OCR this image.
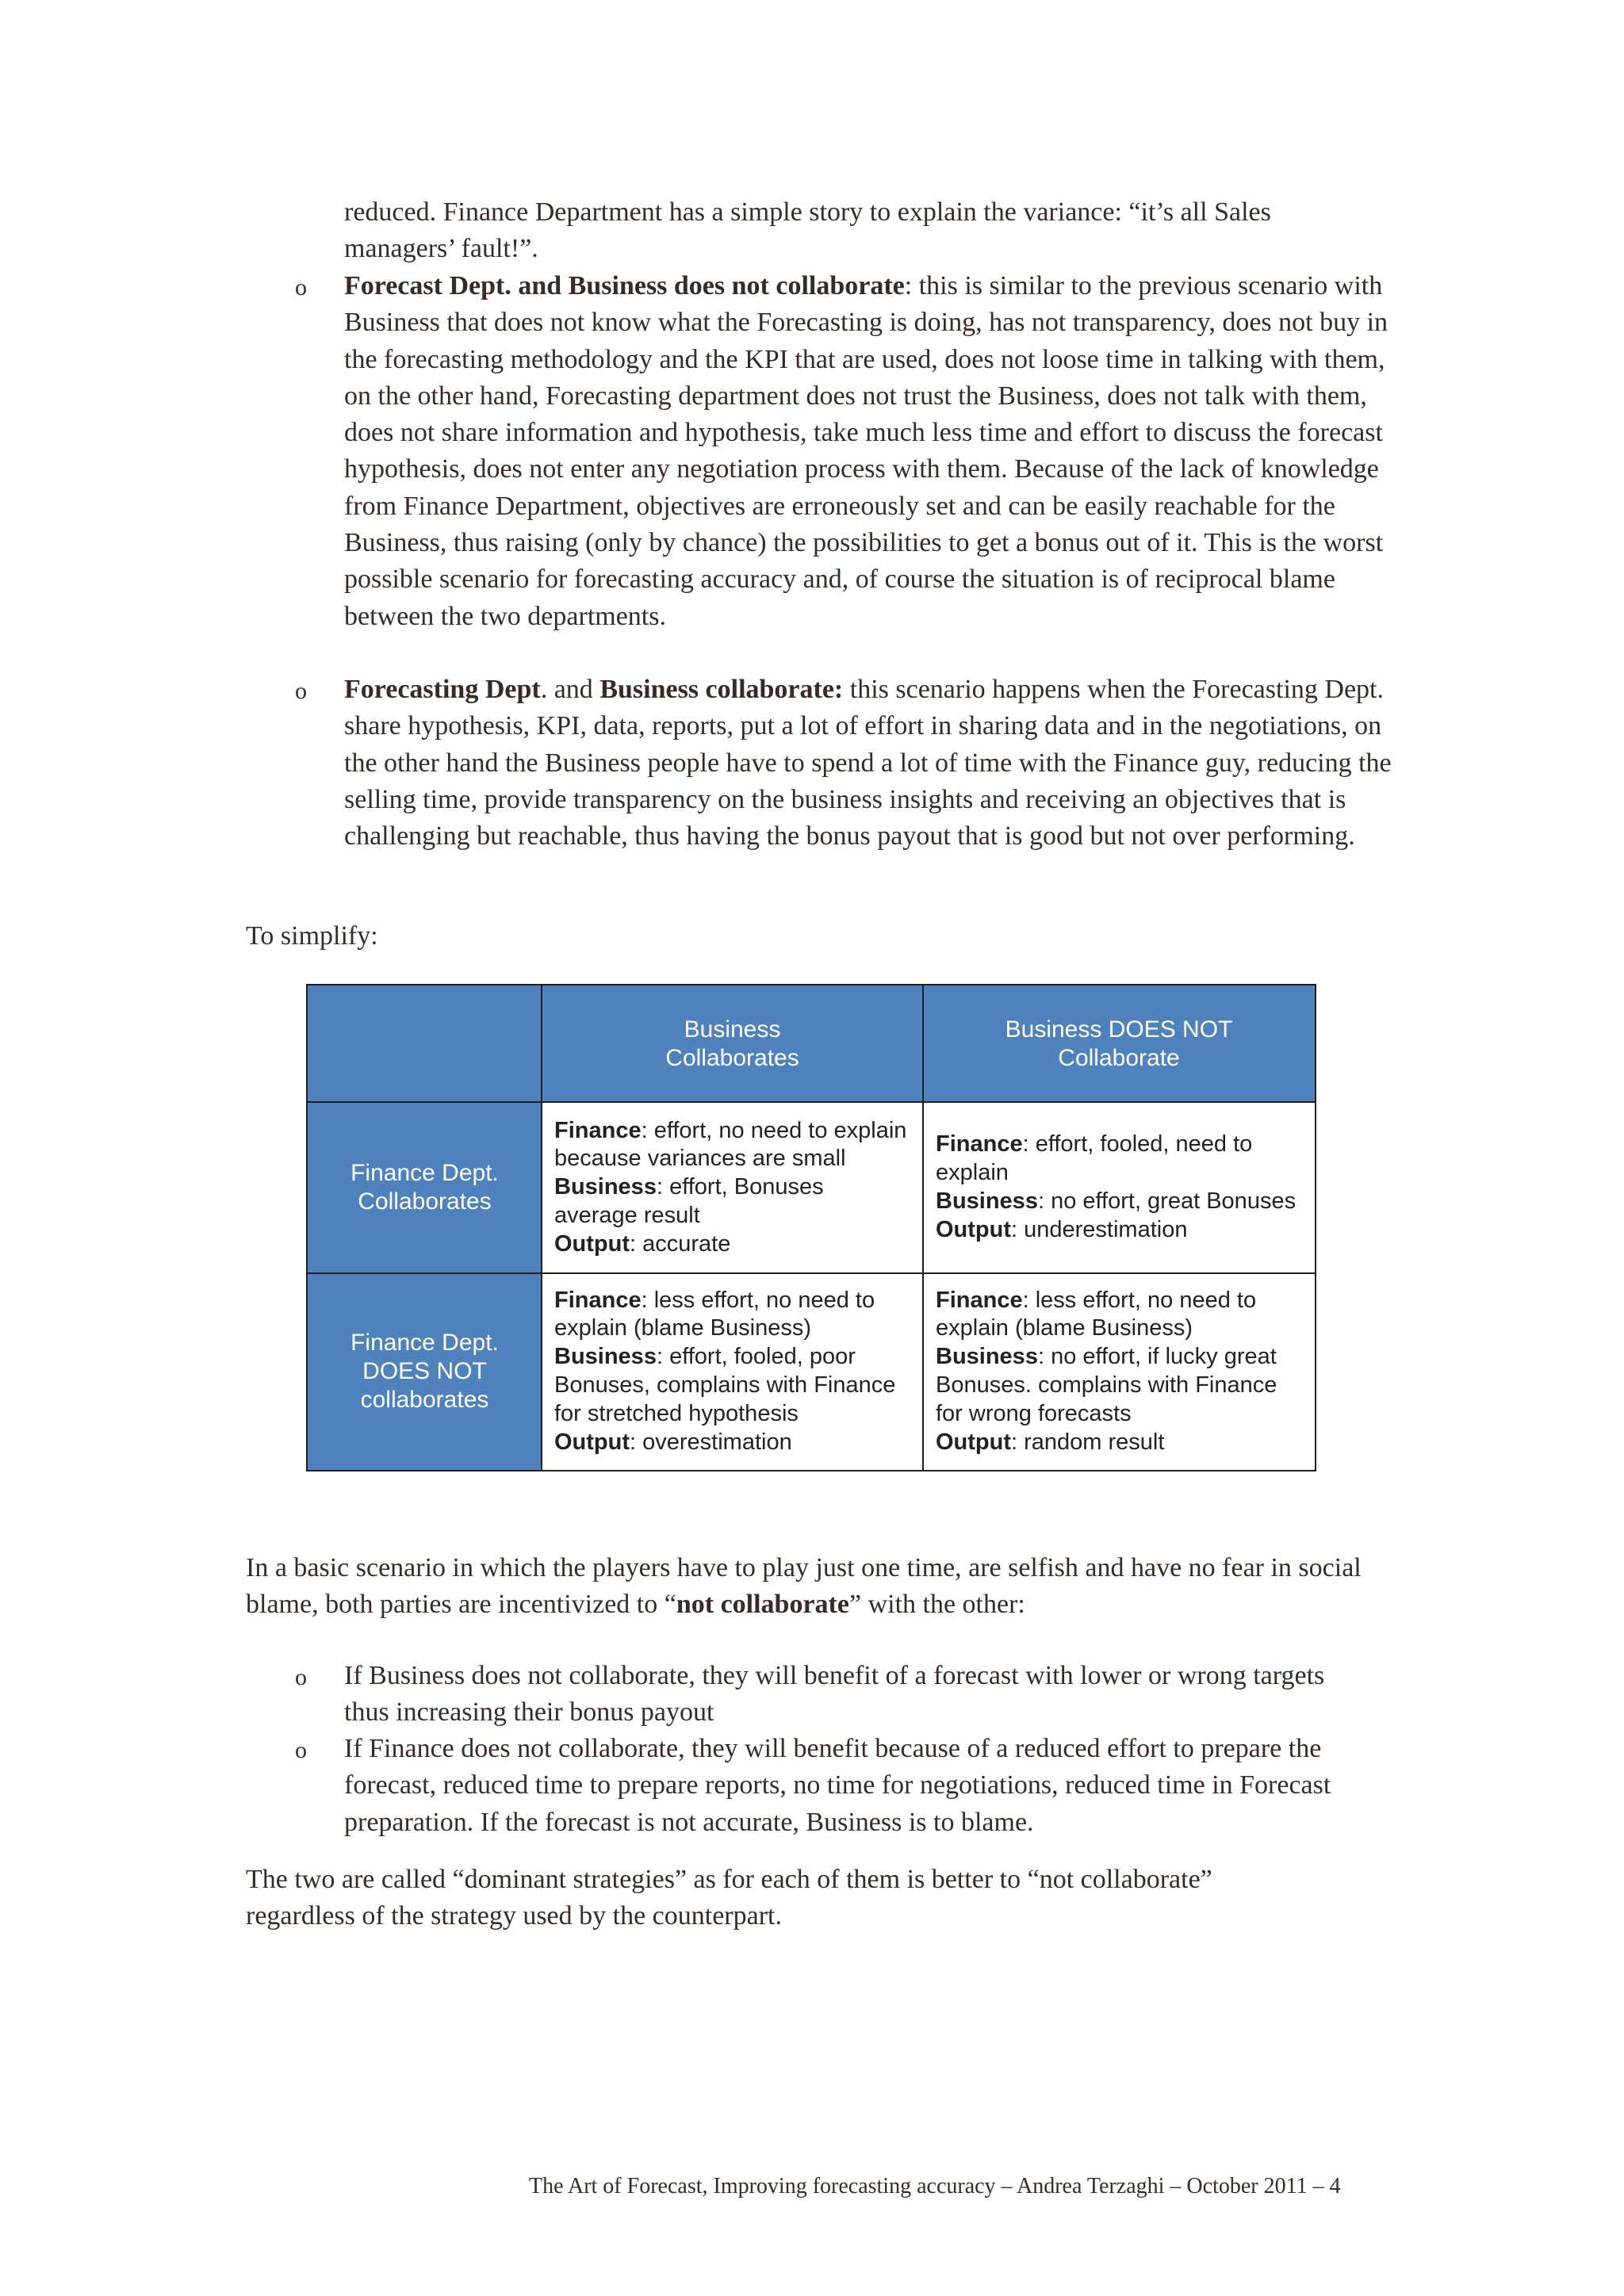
reduced. Finance Department has a simple story to explain the variance: “it’s all Sales
managers’ fault!”.
o Forecast Dept. and Business does not collaborate: this is similar to the previous scenario with Business that does not know what the Forecasting is doing, has not transparency, does not buy in the forecasting methodology and the KPI that are used, does not loose time in talking with them, on the other hand, Forecasting department does not trust the Business, does not talk with them, does not share information and hypothesis, take much less time and effort to discuss the forecast hypothesis, does not enter any negotiation process with them. Because of the lack of knowledge from Finance Department, objectives are erroneously set and can be easily reachable for the Business, thus raising (only by chance) the possibilities to get a bonus out of it. This is the worst possible scenario for forecasting accuracy and, of course the situation is of reciprocal blame between the two departments.
o Forecasting Dept. and Business collaborate: this scenario happens when the Forecasting Dept. share hypothesis, KPI, data, reports, put a lot of effort in sharing data and in the negotiations, on the other hand the Business people have to spend a lot of time with the Finance guy, reducing the selling time, provide transparency on the business insights and receiving an objectives that is challenging but reachable, thus having the bonus payout that is good but not over performing.
To simplify:
Business
Collaborates
Business DOES NOT
Collaborate
Finance Dept.
Collaborates
Finance: effort, no need to explain because variances are small
Business: effort, Bonuses average result
Output: accurate
Finance: effort, fooled, need to explain
Business: no effort, great Bonuses
Output: underestimation
Finance Dept.
DOES NOT
collaborates
Finance: less effort, no need to explain (blame Business)
Business: effort, fooled, poor Bonuses, complains with Finance for stretched hypothesis
Output: overestimation
Finance: less effort, no need to explain (blame Business)
Business: no effort, if lucky great Bonuses. complains with Finance for wrong forecasts
Output: random result
In a basic scenario in which the players have to play just one time, are selfish and have no fear in social blame, both parties are incentivized to “not collaborate” with the other:
o If Business does not collaborate, they will benefit of a forecast with lower or wrong targets thus increasing their bonus payout
o If Finance does not collaborate, they will benefit because of a reduced effort to prepare the forecast, reduced time to prepare reports, no time for negotiations, reduced time in Forecast preparation. If the forecast is not accurate, Business is to blame.
The two are called “dominant strategies” as for each of them is better to “not collaborate” regardless of the strategy used by the counterpart.
The Art of Forecast, Improving forecasting accuracy – Andrea Terzaghi – October 2011 – 4
